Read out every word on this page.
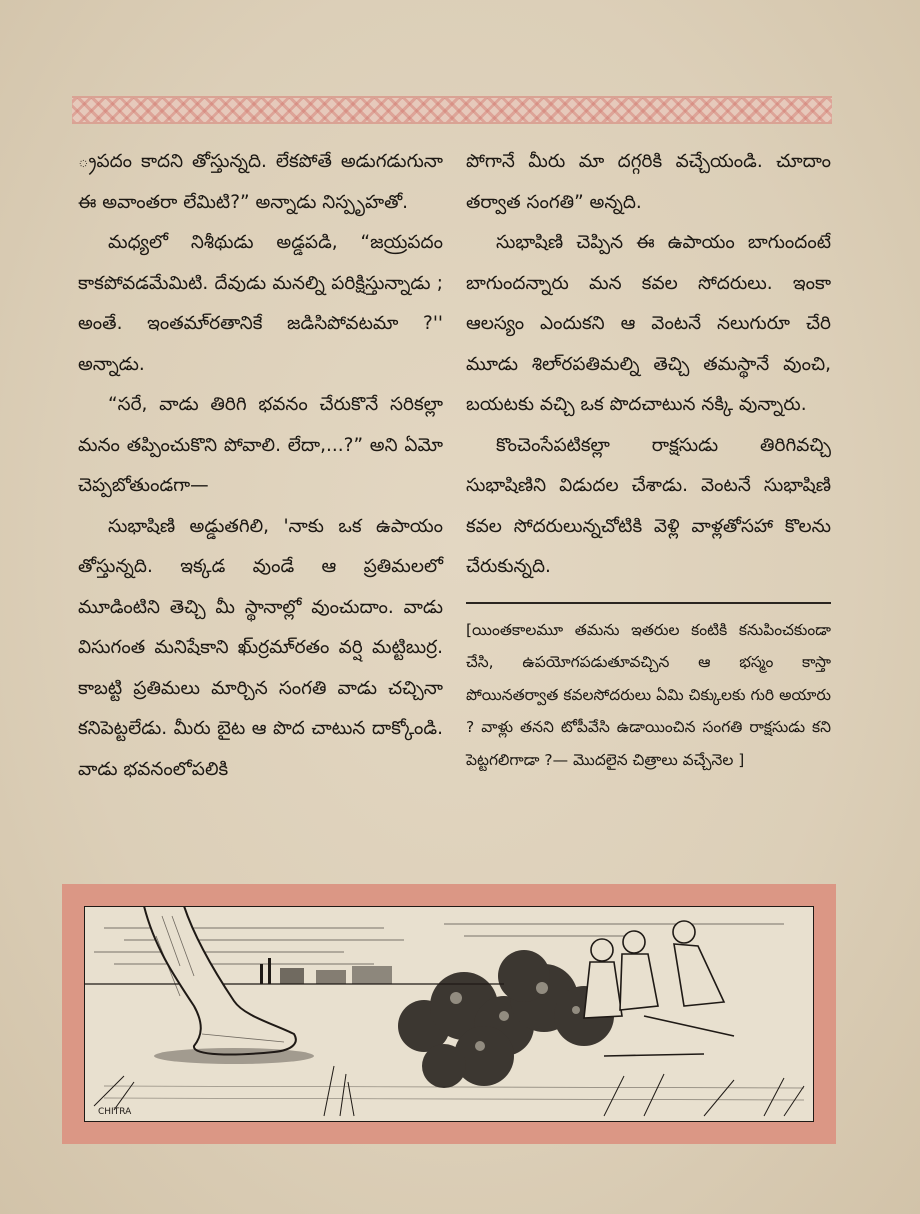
్రపదం కాదని తోస్తున్నది. లేకపోతే అడుగడుగునా ఈ అవాంతరా లేమిటి?” అన్నాడు నిస్పృహతో.

మధ్యలో నిశీథుడు అడ్డపడి, “జయ్రపదం కాకపోవడమేమిటి. దేవుడు మనల్ని పరిక్షిస్తున్నాడు ; అంతే. ఇంతమా్రతానికే జడిసిపోవటమా ?'' అన్నాడు.

“సరే, వాడు తిరిగి భవనం చేరుకొనే సరికల్లా మనం తప్పించుకొని పోవాలి. లేదా,...?” అని ఏమో చెప్పబోతుండగా—

సుభాషిణి అడ్డుతగిలి, 'నాకు ఒక ఉపాయం తోస్తున్నది. ఇక్కడ వుండే ఆ ప్రతిమలలో మూడింటిని తెచ్చి మీ స్థానాల్లో వుంచుదాం. వాడు విసుగంత మనిషేకాని ఖు్ర్రమా్రతం వర్షి మట్టిబుర్ర. కాబట్టి ప్రతిమలు మార్చిన సంగతి వాడు చచ్చినా కనిపెట్టలేడు. మీరు బైట ఆ పొద చాటున దాక్కోండి. వాడు భవనంలోపలికి

పోగానే మీరు మా దగ్గరికి వచ్చేయండి. చూదాం తర్వాత సంగతి” అన్నది.

సుభాషిణి చెప్పిన ఈ ఉపాయం బాగుందంటే బాగుందన్నారు మన కవల సోదరులు. ఇంకా ఆలస్యం ఎందుకని ఆ వెంటనే నలుగురూ చేరి మూడు శిలా్రపతిమల్ని తెచ్చి తమస్థానే వుంచి, బయటకు వచ్చి ఒక పొదచాటున నక్కి వున్నారు.

కొంచెంసేపటికల్లా రాక్షసుడు తిరిగివచ్చి సుభాషిణిని విడుదల చేశాడు. వెంటనే సుభాషిణి కవల సోదరులున్నచోటికి వెళ్లి వాళ్లతోసహా కొలను చేరుకున్నది.

[యింతకాలమూ తమను ఇతరుల కంటికి కనుపించకుండా చేసి, ఉపయోగపడుతూవచ్చిన ఆ భస్మం కాస్తా పోయినతర్వాత కవలసోదరులు ఏమి చిక్కులకు గురి అయారు ? వాళ్లు తనని టోపీవేసి ఉడాయించిన సంగతి రాక్షసుడు కని పెట్టగలిగాడా ?— మొదలైన చిత్రాలు వచ్చేనెల ]

CHITRA
